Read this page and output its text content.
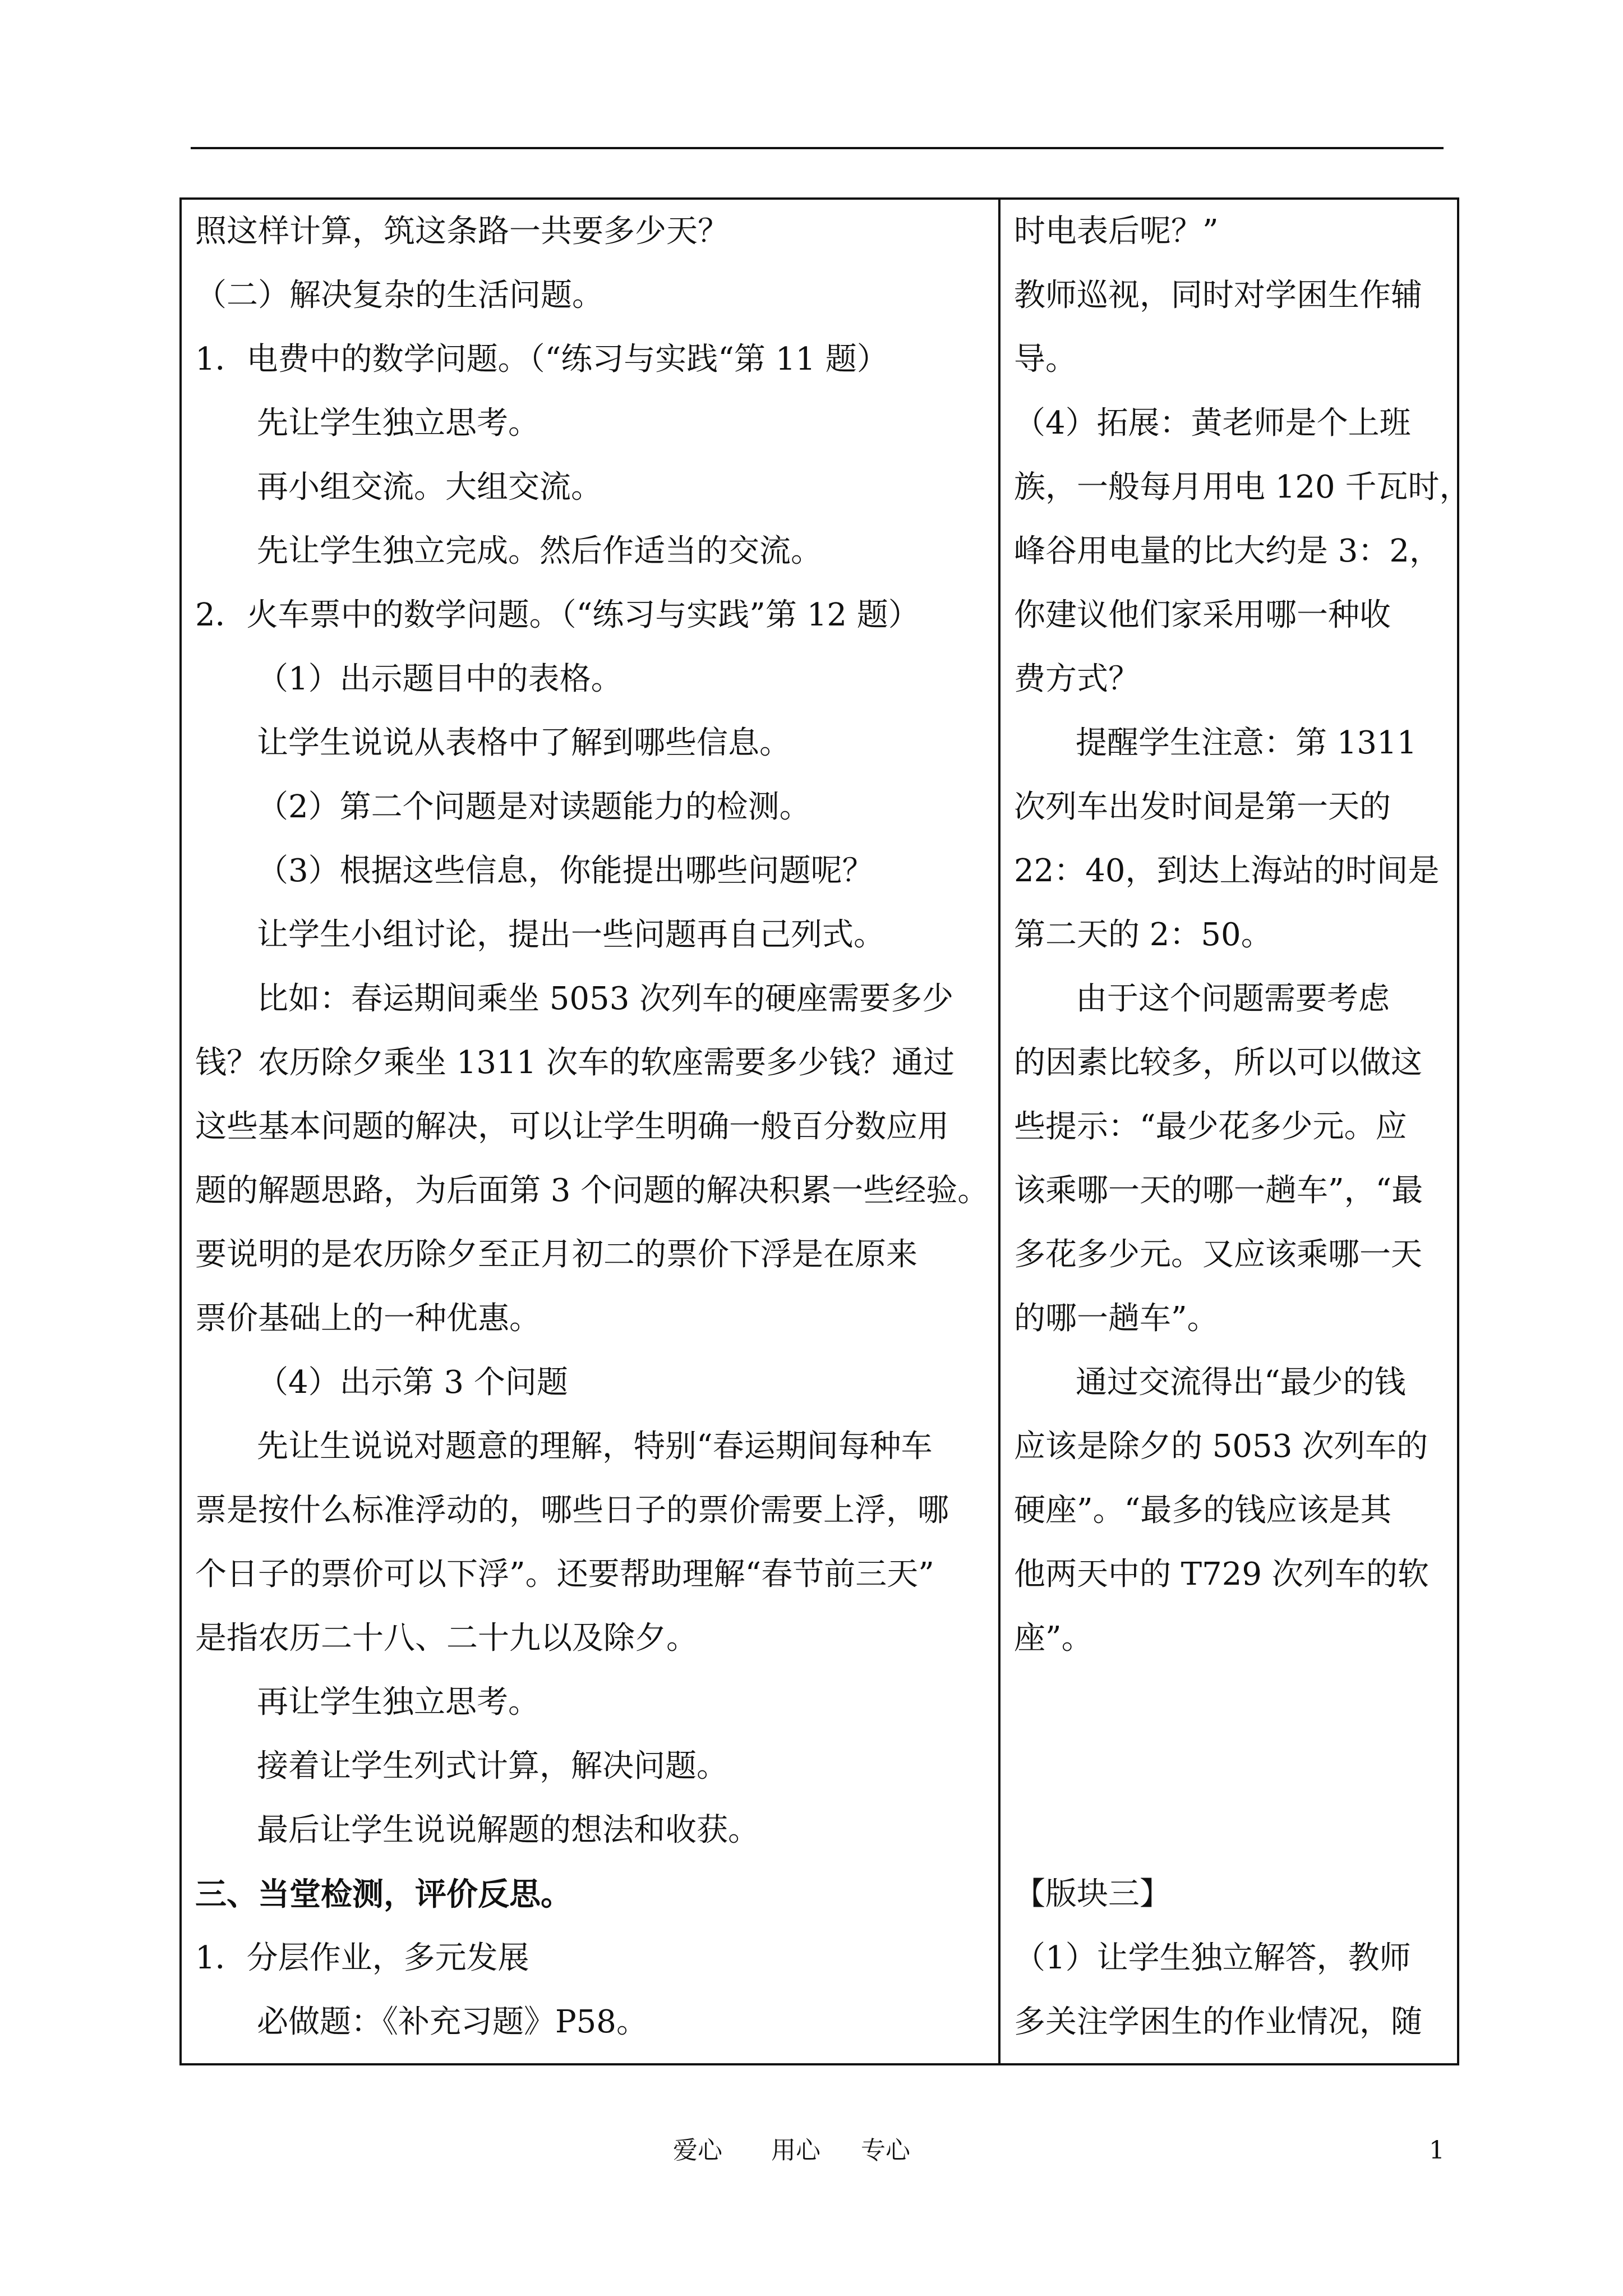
照这样计算，筑这条路一共要多少天？
（二）解决复杂的生活问题。
1．电费中的数学问题。（“练习与实践“第 11 题）
先让学生独立思考。
再小组交流。大组交流。
先让学生独立完成。然后作适当的交流。
2．火车票中的数学问题。（“练习与实践”第 12 题）
（1）出示题目中的表格。
让学生说说从表格中了解到哪些信息。
（2）第二个问题是对读题能力的检测。
（3）根据这些信息，你能提出哪些问题呢？
让学生小组讨论，提出一些问题再自己列式。
比如：春运期间乘坐 5053 次列车的硬座需要多少
钱？农历除夕乘坐 1311 次车的软座需要多少钱？通过
这些基本问题的解决，可以让学生明确一般百分数应用
题的解题思路，为后面第 3 个问题的解决积累一些经验。
要说明的是农历除夕至正月初二的票价下浮是在原来
票价基础上的一种优惠。
（4）出示第 3 个问题
先让生说说对题意的理解，特别“春运期间每种车
票是按什么标准浮动的，哪些日子的票价需要上浮，哪
个日子的票价可以下浮”。还要帮助理解“春节前三天”
是指农历二十八、二十九以及除夕。
再让学生独立思考。
接着让学生列式计算，解决问题。
最后让学生说说解题的想法和收获。
三、当堂检测，评价反思。
1．分层作业，多元发展
必做题：《补充习题》P58。
时电表后呢？”
教师巡视，同时对学困生作辅
导。
（4）拓展：黄老师是个上班
族，一般每月用电 120 千瓦时，
峰谷用电量的比大约是 3：2，
你建议他们家采用哪一种收
费方式？
提醒学生注意：第 1311
次列车出发时间是第一天的
22：40，到达上海站的时间是
第二天的 2：50。
由于这个问题需要考虑
的因素比较多，所以可以做这
些提示：“最少花多少元。应
该乘哪一天的哪一趟车”，“最
多花多少元。又应该乘哪一天
的哪一趟车”。
通过交流得出“最少的钱
应该是除夕的 5053 次列车的
硬座”。“最多的钱应该是其
他两天中的 T729 次列车的软
座”。
【版块三】
（1）让学生独立解答，教师
多关注学困生的作业情况，随
爱心 用心 专心	1
